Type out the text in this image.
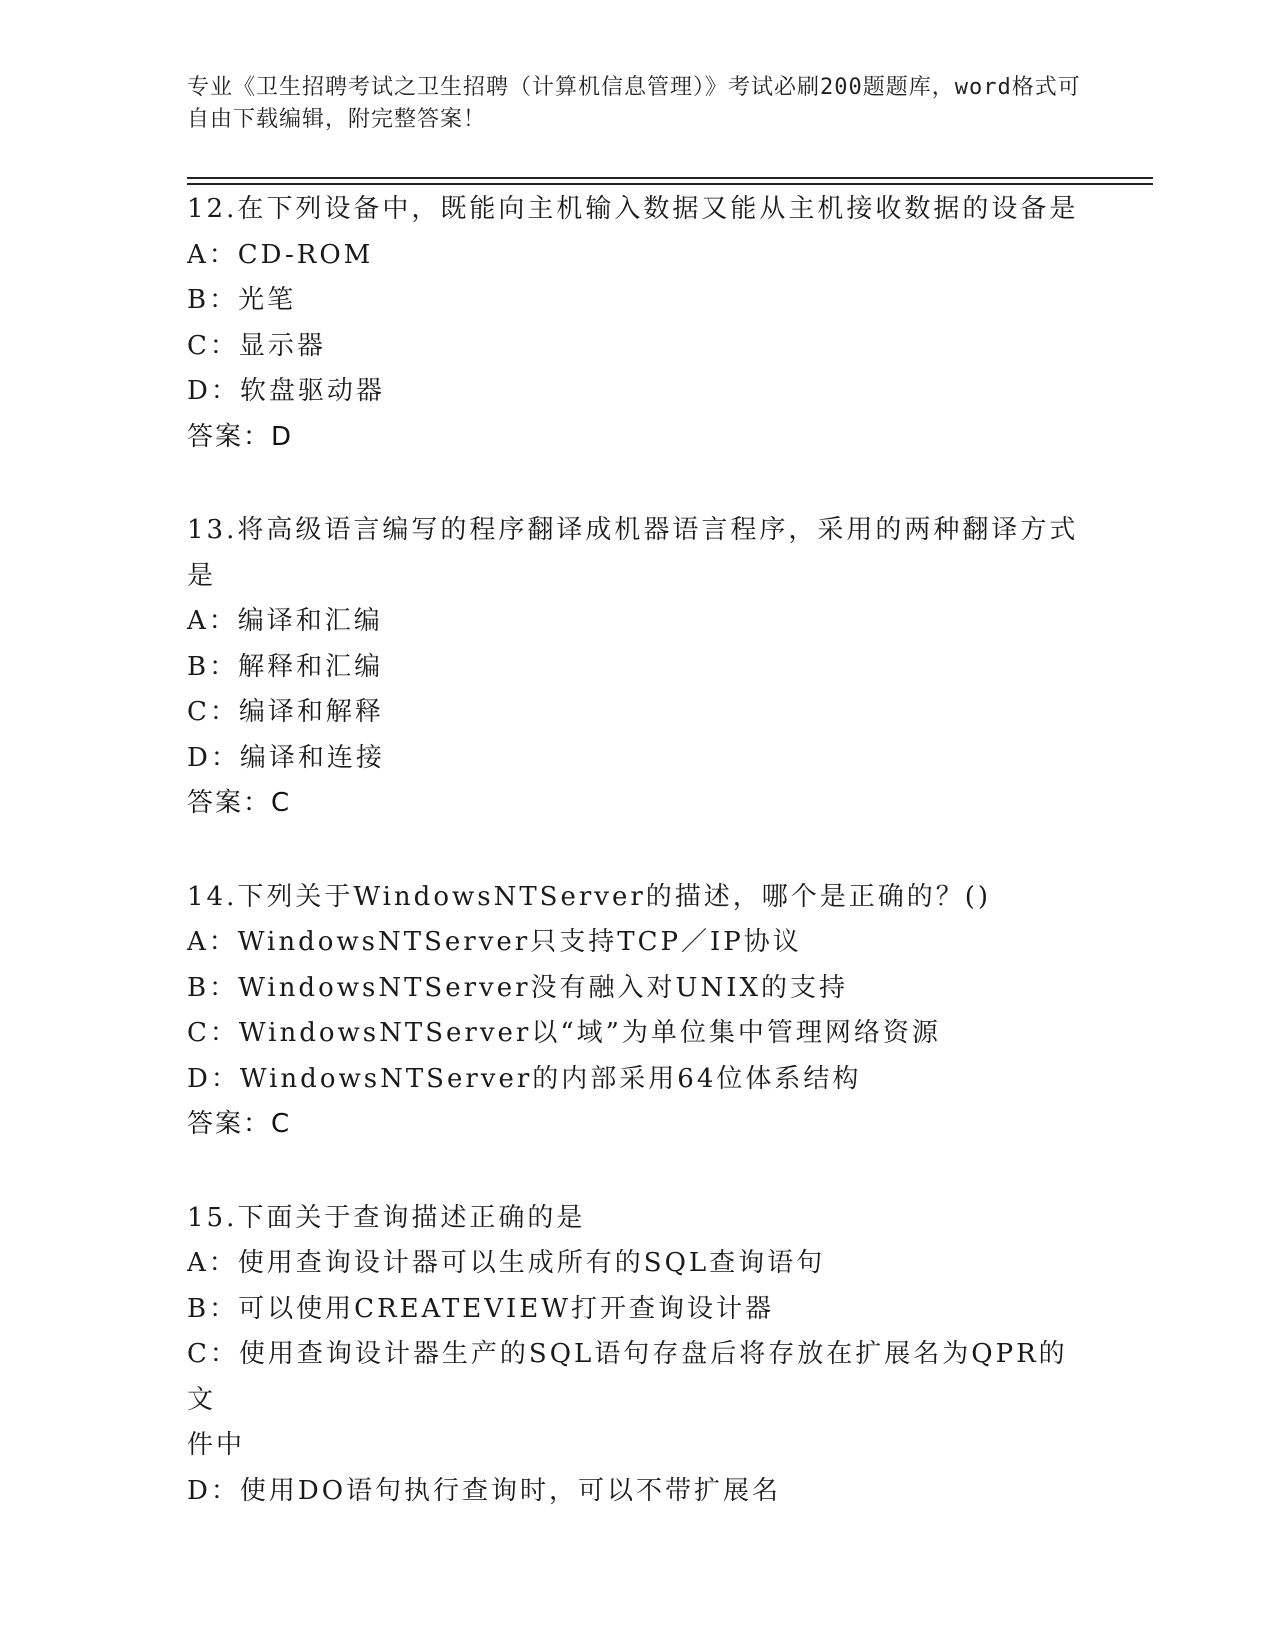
专业《卫生招聘考试之卫生招聘（计算机信息管理）》考试必刷200题题库，word格式可自由下载编辑，附完整答案！
12.在下列设备中，既能向主机输入数据又能从主机接收数据的设备是
A：CD-ROM
B：光笔
C：显示器
D：软盘驱动器
答案：D
13.将高级语言编写的程序翻译成机器语言程序，采用的两种翻译方式
是
A：编译和汇编
B：解释和汇编
C：编译和解释
D：编译和连接
答案：C
14.下列关于WindowsNTServer的描述，哪个是正确的？()
A：WindowsNTServer只支持TCP／IP协议
B：WindowsNTServer没有融入对UNIX的支持
C：WindowsNTServer以“域”为单位集中管理网络资源
D：WindowsNTServer的内部采用64位体系结构
答案：C
15.下面关于查询描述正确的是
A：使用查询设计器可以生成所有的SQL查询语句
B：可以使用CREATEVIEW打开查询设计器
C：使用查询设计器生产的SQL语句存盘后将存放在扩展名为QPR的文
件中
D：使用DO语句执行查询时，可以不带扩展名
